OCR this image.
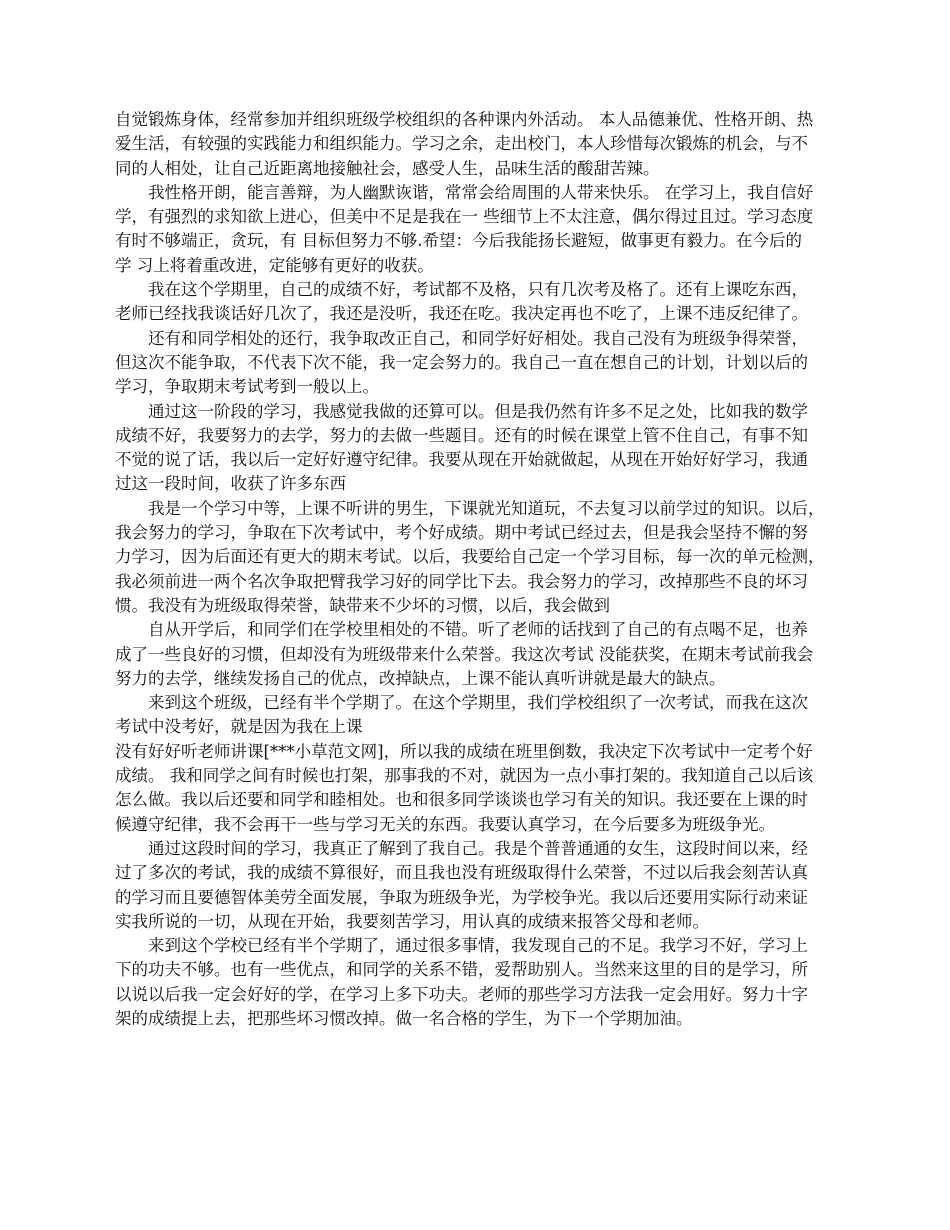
自觉锻炼身体，经常参加并组织班级学校组织的各种课内外活动。 本人品德兼优、性格开朗、热
爱生活，有较强的实践能力和组织能力。学习之余，走出校门，本人珍惜每次锻炼的机会，与不
同的人相处，让自己近距离地接触社会，感受人生，品味生活的酸甜苦辣。
我性格开朗，能言善辩，为人幽默诙谐，常常会给周围的人带来快乐。 在学习上，我自信好
学，有强烈的求知欲上进心，但美中不足是我在一 些细节上不太注意，偶尔得过且过。学习态度
有时不够端正，贪玩，有 目标但努力不够.希望：今后我能扬长避短，做事更有毅力。在今后的
学 习上将着重改进，定能够有更好的收获。
我在这个学期里，自己的成绩不好，考试都不及格，只有几次考及格了。还有上课吃东西，
老师已经找我谈话好几次了，我还是没听，我还在吃。我决定再也不吃了，上课不违反纪律了。
还有和同学相处的还行，我争取改正自己，和同学好好相处。我自己没有为班级争得荣誉，
但这次不能争取，不代表下次不能，我一定会努力的。我自己一直在想自己的计划，计划以后的
学习，争取期末考试考到一般以上。
通过这一阶段的学习，我感觉我做的还算可以。但是我仍然有许多不足之处，比如我的数学
成绩不好，我要努力的去学，努力的去做一些题目。还有的时候在课堂上管不住自己，有事不知
不觉的说了话，我以后一定好好遵守纪律。我要从现在开始就做起，从现在开始好好学习，我通
过这一段时间，收获了许多东西
我是一个学习中等，上课不听讲的男生，下课就光知道玩，不去复习以前学过的知识。以后，
我会努力的学习，争取在下次考试中，考个好成绩。期中考试已经过去，但是我会坚持不懈的努
力学习，因为后面还有更大的期末考试。以后，我要给自己定一个学习目标，每一次的单元检测，
我必须前进一两个名次争取把臂我学习好的同学比下去。我会努力的学习，改掉那些不良的坏习
惯。我没有为班级取得荣誉，缺带来不少坏的习惯，以后，我会做到
自从开学后，和同学们在学校里相处的不错。听了老师的话找到了自己的有点喝不足，也养
成了一些良好的习惯，但却没有为班级带来什么荣誉。我这次考试 没能获奖，在期末考试前我会
努力的去学，继续发扬自己的优点，改掉缺点，上课不能认真听讲就是最大的缺点。
来到这个班级，已经有半个学期了。在这个学期里，我们学校组织了一次考试，而我在这次
考试中没考好，就是因为我在上课
没有好好听老师讲课[***小草范文网]，所以我的成绩在班里倒数，我决定下次考试中一定考个好
成绩。 我和同学之间有时候也打架，那事我的不对，就因为一点小事打架的。我知道自己以后该
怎么做。我以后还要和同学和睦相处。也和很多同学谈谈也学习有关的知识。我还要在上课的时
候遵守纪律，我不会再干一些与学习无关的东西。我要认真学习，在今后要多为班级争光。
通过这段时间的学习，我真正了解到了我自己。我是个普普通通的女生，这段时间以来，经
过了多次的考试，我的成绩不算很好，而且我也没有班级取得什么荣誉，不过以后我会刻苦认真
的学习而且要德智体美劳全面发展，争取为班级争光，为学校争光。我以后还要用实际行动来证
实我所说的一切，从现在开始，我要刻苦学习，用认真的成绩来报答父母和老师。
来到这个学校已经有半个学期了，通过很多事情，我发现自己的不足。我学习不好，学习上
下的功夫不够。也有一些优点，和同学的关系不错，爱帮助别人。当然来这里的目的是学习，所
以说以后我一定会好好的学，在学习上多下功夫。老师的那些学习方法我一定会用好。努力十字
架的成绩提上去，把那些坏习惯改掉。做一名合格的学生，为下一个学期加油。
